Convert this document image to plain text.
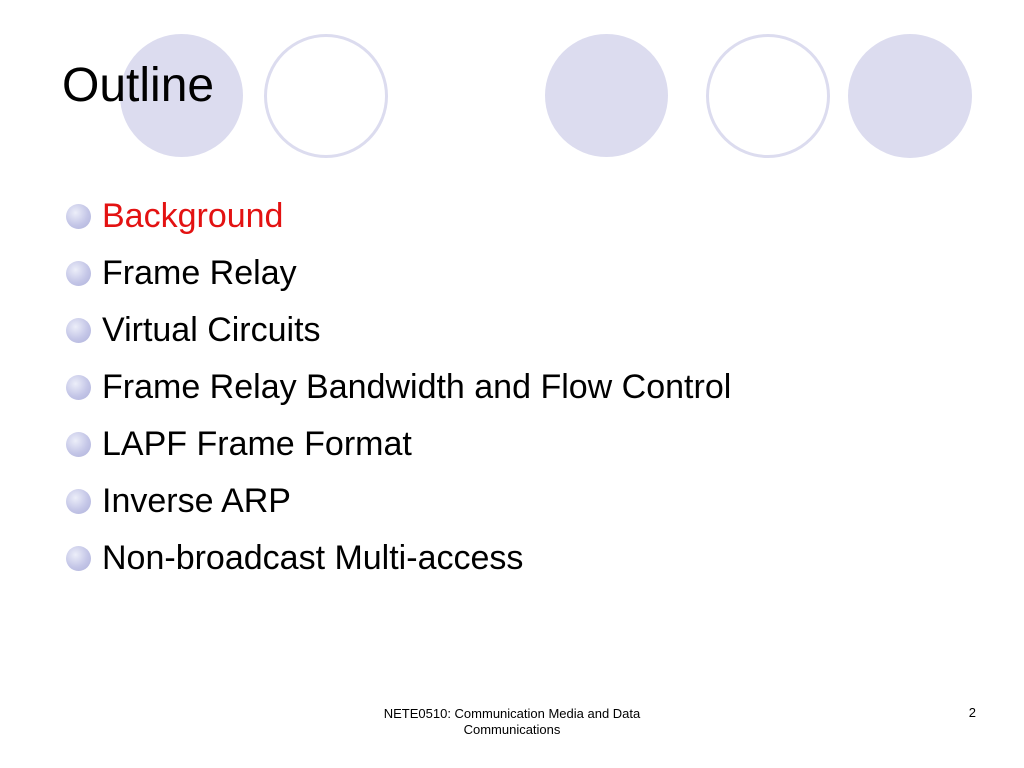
Outline
Background
Frame Relay
Virtual Circuits
Frame Relay Bandwidth and Flow Control
LAPF Frame Format
Inverse ARP
Non-broadcast Multi-access
NETE0510: Communication Media and Data
Communications
2
